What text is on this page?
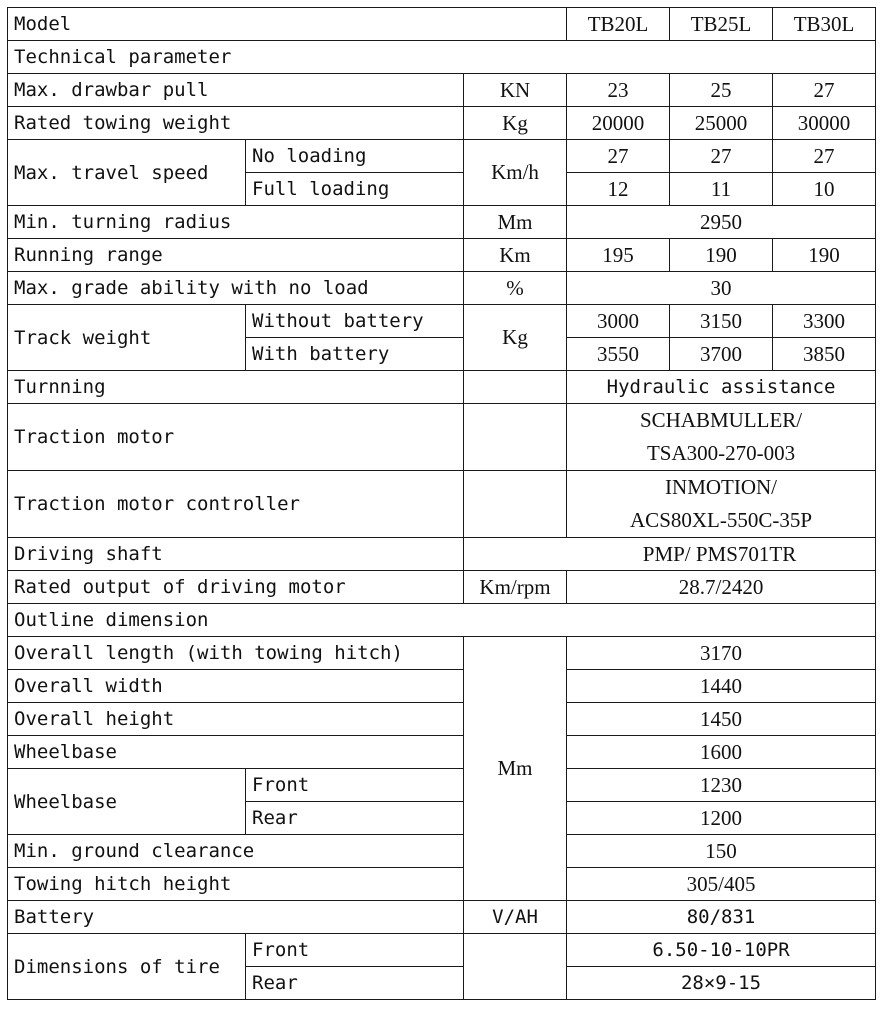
Model			TB20L	TB25L	TB30L
Technical parameter					
Max. drawbar pull		KN	23	25	27
Rated towing weight		Kg	20000	25000	30000
Max. travel speed	No loading	Km/h	27	27	27
	Full loading		12	11	10
Min. turning radius		Mm	2950		
Running range		Km	195	190	190
Max. grade ability with no load		%	30		
Track weight	Without battery	Kg	3000	3150	3300
	With battery		3550	3700	3850
Turnning			Hydraulic assistance		
Traction motor			SCHABMULLER/
TSA300-270-003		

Traction motor controller			INMOTION/
ACS80XL-550C-35P		

Driving shaft		PMP/ PMS701TR			
Rated output of driving motor		Km/rpm	28.7/2420		
Outline dimension					
Overall length (with towing hitch)		Mm	3170		
Overall width			1440		
Overall height			1450		
Wheelbase			1600		
Wheelbase	Front		1230		
	Rear		1200		
Min. ground clearance			150		
Towing hitch height			305/405		
Battery		V/AH	80/831		
Dimensions of tire	Front		6.50-10-10PR		
	Rear		28×9-15		
